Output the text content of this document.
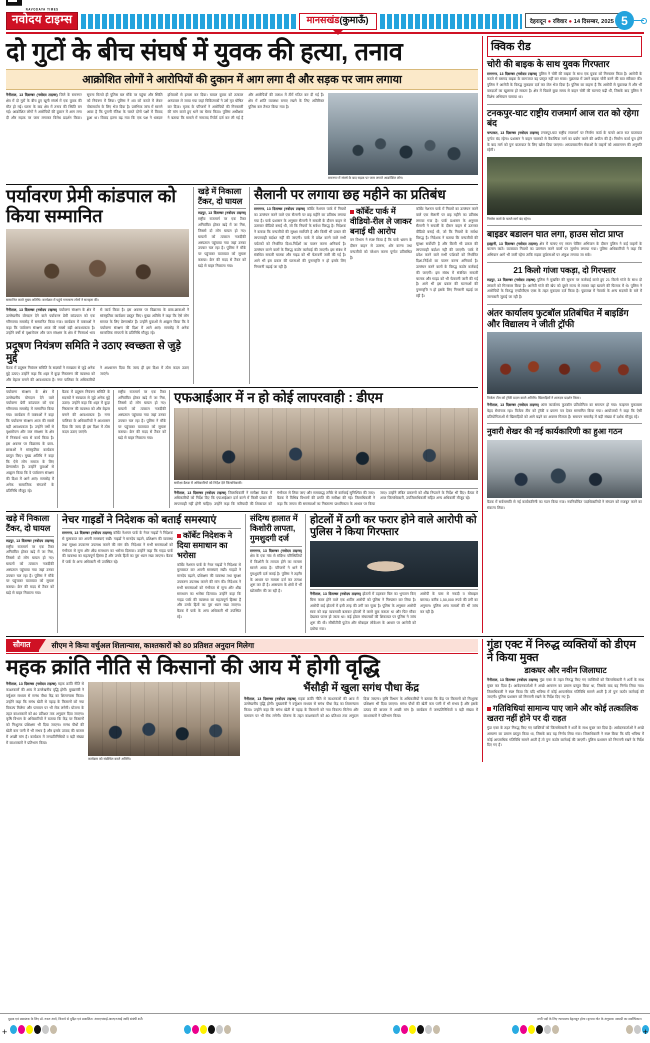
NAVODAYA TIMES
नवोदय टाइम्स	मानसखंड(कुमाऊँ)	देहरादून ● रविवार ● 14 दिसम्बर, 2025 5
दो गुटों के बीच संघर्ष में युवक की हत्या, तनाव
आक्रोशित लोगों ने आरोपियों की दुकान में आग लगा दी और सड़क पर जाम लगाया
नैनीताल, 13 दिसम्बर (नवोदय टाइम्स) जिले के रामनगर क्षेत्र में दो गुटों के बीच हुए खूनी संघर्ष में एक युवक की मौत हो गई। घटना के बाद क्षेत्र में तनाव की स्थिति बन गई। आक्रोशित लोगों ने आरोपियों की दुकान में आग लगा दी और सड़क पर जाम लगाकर विरोध प्रदर्शन किया। सूचना मिलते ही पुलिस बल मौके पर पहुंचा और स्थिति को नियंत्रण में लिया। पुलिस ने शव को कब्जे में लेकर पोस्टमार्टम के लिए भेज दिया है। प्रारंभिक जांच में सामने आया है कि पुरानी रंजिश के चलते दोनों पक्षों में विवाद हुआ था। विवाद इतना बढ़ गया कि एक पक्ष ने धारदार हथियारों से हमला कर दिया। घायल युवक को तत्काल अस्पताल ले जाया गया जहां चिकित्सकों ने उसे मृत घोषित कर दिया। मृतक के परिजनों ने आरोपियों की गिरफ्तारी की मांग करते हुए थाने का घेराव किया। पुलिस अधीक्षक ने बताया कि मामले में नामजद रिपोर्ट दर्ज कर ली गई है और आरोपियों की तलाश में टीमें गठित कर दी गई हैं। क्षेत्र में शांति व्यवस्था बनाए रखने के लिए अतिरिक्त पुलिस बल तैनात किया गया है।
रामनगर में संघर्ष के बाद सड़क पर जाम लगाते आक्रोशित लोग।
पर्यावरण प्रेमी कांडपाल को किया सम्मानित
सम्मानित करते मुख्य अतिथि। कार्यक्रम में पहुंचे गणमान्य लोगों ने सराहना की।
नैनीताल, 13 दिसम्बर (नवोदय टाइम्स) पर्यावरण संरक्षण के क्षेत्र में उल्लेखनीय योगदान देने वाले पर्यावरण प्रेमी कांडपाल को एक गरिमामय समारोह में सम्मानित किया गया। कार्यक्रम में वक्ताओं ने कहा कि पर्यावरण संरक्षण आज की सबसे बड़ी आवश्यकता है। उन्होंने वर्षों से वृक्षारोपण और जल संरक्षण के क्षेत्र में निःस्वार्थ भाव से कार्य किया है। इस अवसर पर विद्यालय के छात्र-छात्राओं ने सांस्कृतिक कार्यक्रम प्रस्तुत किए। मुख्य अतिथि ने कहा कि ऐसे लोग समाज के लिए प्रेरणास्रोत हैं। उन्होंने युवाओं से आह्वान किया कि वे पर्यावरण संरक्षण की दिशा में आगे आएं। समारोह में अनेक सामाजिक संगठनों के प्रतिनिधि मौजूद रहे।
प्रदूषण नियंत्रण समिति ने उठाए स्वच्छता से जुड़े मुद्दे
बैठक में प्रदूषण नियंत्रण समिति के सदस्यों ने स्वच्छता से जुड़े अनेक मुद्दे उठाए। उन्होंने कहा कि शहर में कूड़ा निस्तारण की व्यवस्था को और बेहतर बनाने की आवश्यकता है। नगर पालिका के अधिकारियों ने आश्वासन दिया कि जल्द ही इस दिशा में ठोस कदम उठाए जाएंगे।
खड़े में निकाला टैंकर, दो घायल
रुद्रपुर, 13 दिसम्बर (नवोदय टाइम्स) राष्ट्रीय राजमार्ग पर एक टैंकर अनियंत्रित होकर खड़े में जा गिरा, जिससे दो लोग घायल हो गए। घायलों को तत्काल नजदीकी अस्पताल पहुंचाया गया जहां उनका उपचार चल रहा है। पुलिस ने मौके पर पहुंचकर यातायात को सुचारु कराया। क्रेन की मदद से टैंकर को खड़े से बाहर निकाला गया।
सैलानी पर लगाया छह महीने का प्रतिबंध
रामनगर, 13 दिसम्बर (नवोदय टाइम्स) कॉर्बेट नेशनल पार्क में नियमों का उल्लंघन करने वाले एक सैलानी पर छह महीने का प्रतिबंध लगाया गया है। पार्क प्रशासन के अनुसार सैलानी ने सफारी के दौरान वाहन से उतरकर वीडियो बनाई थी, जो कि नियमों के सर्वथा विरुद्ध है। निदेशक ने बताया कि वन्यजीवों की सुरक्षा सर्वोपरि है और किसी भी प्रकार की लापरवाही बर्दाश्त नहीं की जाएगी। पार्क में प्रवेश करने वाले सभी पर्यटकों को निर्धारित दिशा-निर्देशों का पालन करना अनिवार्य है। उल्लंघन करने वालों के विरुद्ध कठोर कार्रवाई की जाएगी। इस संबंध में संबंधित सफारी चालक और गाइड को भी चेतावनी जारी की गई है। आगे भी इस प्रकार की घटनाओं की पुनरावृत्ति न हो इसके लिए निगरानी बढ़ाई जा रही है।
कॉर्बेट पार्क में वीडियो-रील ले जाकर बनाई थी आरोप
वन विभाग ने स्पष्ट किया है कि पार्क भ्रमण के दौरान वाहन से उतरना, शोर करना तथा वन्यजीवों को परेशान करना पूर्णतः प्रतिबंधित है।
कॉर्बेट नेशनल पार्क में नियमों का उल्लंघन करने वाले एक सैलानी पर छह महीने का प्रतिबंध लगाया गया है। पार्क प्रशासन के अनुसार सैलानी ने सफारी के दौरान वाहन से उतरकर वीडियो बनाई थी, जो कि नियमों के सर्वथा विरुद्ध है। निदेशक ने बताया कि वन्यजीवों की सुरक्षा सर्वोपरि है और किसी भी प्रकार की लापरवाही बर्दाश्त नहीं की जाएगी। पार्क में प्रवेश करने वाले सभी पर्यटकों को निर्धारित दिशा-निर्देशों का पालन करना अनिवार्य है। उल्लंघन करने वालों के विरुद्ध कठोर कार्रवाई की जाएगी। इस संबंध में संबंधित सफारी चालक और गाइड को भी चेतावनी जारी की गई है। आगे भी इस प्रकार की घटनाओं की पुनरावृत्ति न हो इसके लिए निगरानी बढ़ाई जा रही है।
पर्यावरण संरक्षण के क्षेत्र में उल्लेखनीय योगदान देने वाले पर्यावरण प्रेमी कांडपाल को एक गरिमामय समारोह में सम्मानित किया गया। कार्यक्रम में वक्ताओं ने कहा कि पर्यावरण संरक्षण आज की सबसे बड़ी आवश्यकता है। उन्होंने वर्षों से वृक्षारोपण और जल संरक्षण के क्षेत्र में निःस्वार्थ भाव से कार्य किया है। इस अवसर पर विद्यालय के छात्र-छात्राओं ने सांस्कृतिक कार्यक्रम प्रस्तुत किए। मुख्य अतिथि ने कहा कि ऐसे लोग समाज के लिए प्रेरणास्रोत हैं। उन्होंने युवाओं से आह्वान किया कि वे पर्यावरण संरक्षण की दिशा में आगे आएं। समारोह में अनेक सामाजिक संगठनों के प्रतिनिधि मौजूद रहे।
बैठक में प्रदूषण नियंत्रण समिति के सदस्यों ने स्वच्छता से जुड़े अनेक मुद्दे उठाए। उन्होंने कहा कि शहर में कूड़ा निस्तारण की व्यवस्था को और बेहतर बनाने की आवश्यकता है। नगर पालिका के अधिकारियों ने आश्वासन दिया कि जल्द ही इस दिशा में ठोस कदम उठाए जाएंगे।
राष्ट्रीय राजमार्ग पर एक टैंकर अनियंत्रित होकर खड़े में जा गिरा, जिससे दो लोग घायल हो गए। घायलों को तत्काल नजदीकी अस्पताल पहुंचाया गया जहां उनका उपचार चल रहा है। पुलिस ने मौके पर पहुंचकर यातायात को सुचारु कराया। क्रेन की मदद से टैंकर को खड़े से बाहर निकाला गया।
एफआईआर में न हो कोई लापरवाही : डीएम
समीक्षा बैठक में अधिकारियों को निर्देश देते जिलाधिकारी।
नैनीताल, 13 दिसम्बर (नवोदय टाइम्स) जिलाधिकारी ने समीक्षा बैठक में अधिकारियों को निर्देश दिए कि एफआईआर दर्ज करने में किसी प्रकार की लापरवाही नहीं होनी चाहिए। उन्होंने कहा कि फरियादी की शिकायत को गंभीरता से लिया जाए और समयबद्ध तरीके से कार्रवाई सुनिश्चित की जाए। बैठक में विभिन्न विभागों की प्रगति की समीक्षा की गई। जिलाधिकारी ने कहा कि जनता की समस्याओं का निस्तारण प्राथमिकता के आधार पर किया जाए। उन्होंने लंबित प्रकरणों को शीघ्र निपटाने के निर्देश भी दिए। बैठक में अपर जिलाधिकारी, उपजिलाधिकारी सहित अन्य अधिकारी मौजूद रहे।
खड़े में निकाला टैंकर, दो घायल
रुद्रपुर, 13 दिसम्बर (नवोदय टाइम्स) राष्ट्रीय राजमार्ग पर एक टैंकर अनियंत्रित होकर खड़े में जा गिरा, जिससे दो लोग घायल हो गए। घायलों को तत्काल नजदीकी अस्पताल पहुंचाया गया जहां उनका उपचार चल रहा है। पुलिस ने मौके पर पहुंचकर यातायात को सुचारु कराया। क्रेन की मदद से टैंकर को खड़े से बाहर निकाला गया।
नेचर गाइडों ने निदेशक को बताई समस्याएं
रामनगर, 13 दिसम्बर (नवोदय टाइम्स) कॉर्बेट नेशनल पार्क के नेचर गाइडों ने निदेशक से मुलाकात कर अपनी समस्याएं रखीं। गाइडों ने मानदेय बढ़ाने, प्रशिक्षण की व्यवस्था तथा सुरक्षा उपकरण उपलब्ध कराने की मांग की। निदेशक ने सभी समस्याओं को गंभीरता से सुना और शीघ्र समाधान का भरोसा दिलाया। उन्होंने कहा कि गाइड पार्क की व्यवस्था का महत्वपूर्ण हिस्सा हैं और उनके हितों का पूरा ध्यान रखा जाएगा। बैठक में पार्क के अन्य अधिकारी भी उपस्थित रहे।
कॉर्बेट निदेशक ने दिया समाधान का भरोसा
कॉर्बेट नेशनल पार्क के नेचर गाइडों ने निदेशक से मुलाकात कर अपनी समस्याएं रखीं। गाइडों ने मानदेय बढ़ाने, प्रशिक्षण की व्यवस्था तथा सुरक्षा उपकरण उपलब्ध कराने की मांग की। निदेशक ने सभी समस्याओं को गंभीरता से सुना और शीघ्र समाधान का भरोसा दिलाया। उन्होंने कहा कि गाइड पार्क की व्यवस्था का महत्वपूर्ण हिस्सा हैं और उनके हितों का पूरा ध्यान रखा जाएगा। बैठक में पार्क के अन्य अधिकारी भी उपस्थित रहे।
संदिग्ध हालात में किशोरी लापता, गुमशुदगी दर्ज
रामनगर, 13 दिसम्बर (नवोदय टाइम्स) क्षेत्र के एक गांव से संदिग्ध परिस्थितियों में किशोरी के लापता होने का मामला सामने आया है। परिजनों ने थाने में गुमशुदगी दर्ज कराई है। पुलिस ने तहरीर के आधार पर मामला दर्ज कर तलाश शुरू कर दी है। आसपास के क्षेत्रों में भी खोजबीन की जा रही है।
होटलों में ठगी कर फरार होने वाले आरोपी को पुलिस ने किया गिरफ्तार
नैनीताल, 13 दिसम्बर (नवोदय टाइम्स) होटलों में ठहरकर बिल का भुगतान किए बिना फरार होने वाले एक शातिर आरोपी को पुलिस ने गिरफ्तार कर लिया है। आरोपी कई होटलों में इसी तरह की ठगी कर चुका है। पुलिस के अनुसार आरोपी स्वयं को बड़ा व्यवसायी बताकर होटलों में कमरे बुक कराता था और फिर मौका देखकर फरार हो जाता था। कई होटल संचालकों की शिकायत पर पुलिस ने जांच शुरू की थी। सीसीटीवी फुटेज और मोबाइल लोकेशन के आधार पर आरोपी को दबोचा गया।
आरोपी के पास से नकदी व मोबाइल बरामद। करीब 1,50,000 रुपये की ठगी का अनुमान। पुलिस अन्य मामलों की भी जांच कर रही है।
क्विक रीड
चोरी की बाइक के साथ युवक गिरफ्तार
रामनगर, 13 दिसम्बर (नवोदय टाइम्स) पुलिस ने चोरी की बाइक के साथ एक युवक को गिरफ्तार किया है। आरोपी के कब्जे से बरामद बाइक के कागजात वह प्रस्तुत नहीं कर सका। पूछताछ में उसने बाइक चोरी करने की बात स्वीकार की। पुलिस ने आरोपी के विरुद्ध मुकदमा दर्ज कर जेल भेज दिया है। पुलिस का कहना है कि आरोपी से पूछताछ में और भी वारदातों का खुलासा हो सकता है। क्षेत्र में पिछले कुछ समय से वाहन चोरी की घटनाएं बढ़ी थीं, जिसके बाद पुलिस ने विशेष अभियान चलाया था।
टनकपुर-घाट राष्ट्रीय राजमार्ग आज रात को रहेगा बंद
चम्पावत, 13 दिसम्बर (नवोदय टाइम्स) टनकपुर-घाट राष्ट्रीय राजमार्ग पर निर्माण कार्य के चलते आज रात यातायात पूर्णतः बंद रहेगा। प्रशासन ने वाहन चालकों से वैकल्पिक मार्ग का प्रयोग करने की अपील की है। निर्माण कार्य पूरा होने के बाद मार्ग को पुनः यातायात के लिए खोल दिया जाएगा। आपातकालीन सेवाओं के वाहनों को आवागमन की अनुमति रहेगी।
निर्माण कार्य के चलते मार्ग बंद रहेगा।
बाइडर बडालन घात लगा, हाउस सोटा प्राप्त
हल्द्वानी, 13 दिसम्बर (नवोदय टाइम्स) क्षेत्र में चलाए गए सघन चेकिंग अभियान के दौरान पुलिस ने कई वाहनों के चालान काटे। यातायात नियमों का उल्लंघन करने वालों पर जुर्माना लगाया गया। पुलिस अधिकारियों ने कहा कि अभियान आगे भी जारी रहेगा ताकि सड़क दुर्घटनाओं पर अंकुश लगाया जा सके।
21 किलो गांजा पकड़ा, दो गिरफ्तार
रुद्रपुर, 13 दिसम्बर (नवोदय टाइम्स) पुलिस ने मुखबिर की सूचना पर कार्रवाई करते हुए 21 किलो गांजे के साथ दो तस्करों को गिरफ्तार किया है। आरोपी गांजे की खेप को दूसरे राज्य से लाकर यहां खपाने की फिराक में थे। पुलिस ने आरोपियों के विरुद्ध एनडीपीएस एक्ट के तहत मुकदमा दर्ज किया है। पूछताछ में नेटवर्क के अन्य सदस्यों के बारे में जानकारी जुटाई जा रही है।
अंतर कार्यालय फुटबॉल प्रतिबंधित में बाइडिंग और विद्यालय ने जीती ट्रॉफी
विजेता टीम को ट्रॉफी प्रदान करते अतिथि। खिलाड़ियों ने शानदार प्रदर्शन किया।
नैनीताल, 13 दिसम्बर (नवोदय टाइम्स) अंतर कार्यालय फुटबॉल प्रतियोगिता का समापन हो गया। फाइनल मुकाबला बेहद रोमांचक रहा। विजेता टीम को ट्रॉफी व प्रमाण पत्र देकर सम्मानित किया गया। आयोजकों ने कहा कि ऐसी प्रतियोगिताओं से खिलाड़ियों को आगे बढ़ने का अवसर मिलता है। समापन समारोह में बड़ी संख्या में दर्शक मौजूद रहे।
नुवारी शेखर की नई कार्यकारिणी का हुआ गठन
बैठक में सर्वसम्मति से नई कार्यकारिणी का गठन किया गया। नवनिर्वाचित पदाधिकारियों ने संगठन को मजबूत करने का संकल्प लिया।
सौगात	सीएम ने किया वर्चुअल शिलान्यास, काश्तकारों को 80 प्रतिशत अनुदान मिलेगा
महक क्रांति नीति से किसानों की आय में होगी वृद्धि
नैनीताल, 13 दिसम्बर (नवोदय टाइम्स) महक क्रांति नीति से काश्तकारों की आय में उल्लेखनीय वृद्धि होगी। मुख्यमंत्री ने वर्चुअल माध्यम से सगंध पौधा केंद्र का शिलान्यास किया। उन्होंने कहा कि सगंध खेती से पहाड़ के किसानों को नया विकल्प मिलेगा और पलायन पर भी रोक लगेगी। योजना के तहत काश्तकारों को 80 प्रतिशत तक अनुदान दिया जाएगा। कृषि विभाग के अधिकारियों ने बताया कि केंद्र पर किसानों को निःशुल्क प्रशिक्षण भी दिया जाएगा। सगंध पौधों की खेती कम पानी में भी संभव है और इसके उत्पाद की बाजार में अच्छी मांग है। कार्यक्रम में जनप्रतिनिधियों व बड़ी संख्या में काश्तकारों ने प्रतिभाग किया।
कार्यक्रम को संबोधित करते अतिथि।
भैंसौड़ी में खुला सगंध पौधा केंद्र
नैनीताल, 13 दिसम्बर (नवोदय टाइम्स) महक क्रांति नीति से काश्तकारों की आय में उल्लेखनीय वृद्धि होगी। मुख्यमंत्री ने वर्चुअल माध्यम से सगंध पौधा केंद्र का शिलान्यास किया। उन्होंने कहा कि सगंध खेती से पहाड़ के किसानों को नया विकल्प मिलेगा और पलायन पर भी रोक लगेगी। योजना के तहत काश्तकारों को 80 प्रतिशत तक अनुदान दिया जाएगा। कृषि विभाग के अधिकारियों ने बताया कि केंद्र पर किसानों को निःशुल्क प्रशिक्षण भी दिया जाएगा। सगंध पौधों की खेती कम पानी में भी संभव है और इसके उत्पाद की बाजार में अच्छी मांग है। कार्यक्रम में जनप्रतिनिधियों व बड़ी संख्या में काश्तकारों ने प्रतिभाग किया।
गुंडा एक्ट में निरुद्ध व्यक्तियों को डीएम ने किया मुक्त
डाकघर और नवीन जिलाघाट
नैनीताल, 13 दिसम्बर (नवोदय टाइम्स) गुंडा एक्ट के तहत निरुद्ध किए गए व्यक्तियों को जिलाधिकारी ने शर्तों के साथ मुक्त कर दिया है। आवेदनकर्ताओं ने अच्छे आचरण का प्रमाण प्रस्तुत किया था, जिसके बाद यह निर्णय लिया गया। जिलाधिकारी ने स्पष्ट किया कि यदि भविष्य में कोई आपराधिक गतिविधि सामने आती है तो पुनः कठोर कार्रवाई की जाएगी। पुलिस प्रशासन को निगरानी रखने के निर्देश दिए गए हैं।
गतिविधियां सामान्य पाए जाने और कोई तत्कालिक खतरा नहीं होने पर दी राहत
गुंडा एक्ट के तहत निरुद्ध किए गए व्यक्तियों को जिलाधिकारी ने शर्तों के साथ मुक्त कर दिया है। आवेदनकर्ताओं ने अच्छे आचरण का प्रमाण प्रस्तुत किया था, जिसके बाद यह निर्णय लिया गया। जिलाधिकारी ने स्पष्ट किया कि यदि भविष्य में कोई आपराधिक गतिविधि सामने आती है तो पुनः कठोर कार्रवाई की जाएगी। पुलिस प्रशासन को निगरानी रखने के निर्देश दिए गए हैं।
मुद्रक एवं प्रकाशक के लिए डॉ. नवल आर्य, किराये से मुद्रित एवं प्रकाशित। आरएनआई-आरएनआई आदि संबंधी शर्तें।	सभी पदों के लिए न्यायालय देहरादून होगा। कृपया नोट के अनुसार। सामग्री का सर्वाधिकार।
+	+
